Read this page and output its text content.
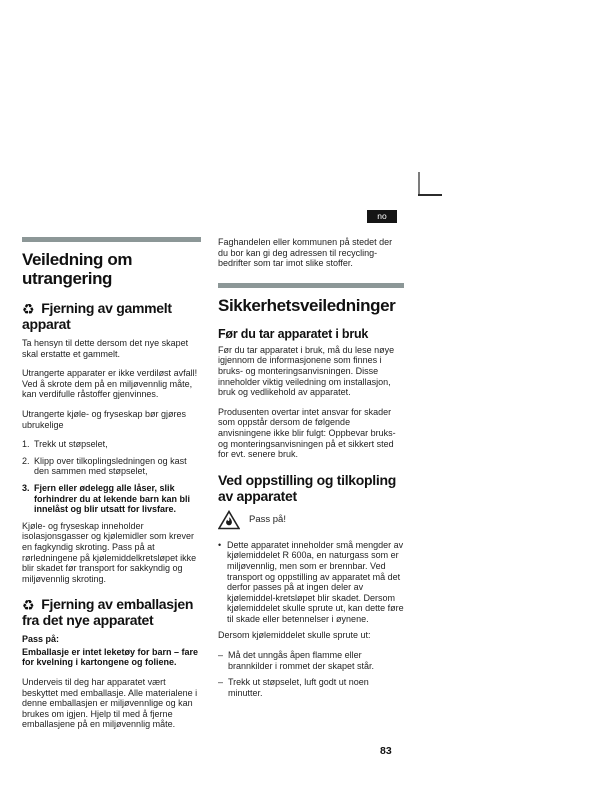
no
Veiledning om utrangering
♻ Fjerning av gammelt apparat

Ta hensyn til dette dersom det nye skapet skal erstatte et gammelt.

Utrangerte apparater er ikke verdiløst avfall! Ved å skrote dem på en miljøvennlig måte, kan verdifulle råstoffer gjenvinnes.

Utrangerte kjøle- og fryseskap bør gjøres ubrukelige

1. Trekk ut støpselet,
2. Klipp over tilkoplingsledningen og kast den sammen med støpselet,
3. Fjern eller ødelegg alle låser, slik forhindrer du at lekende barn kan bli innelåst og blir utsatt for livsfare.

Kjøle- og fryseskap inneholder isolasjonsgasser og kjølemidler som krever en fagkyndig skroting. Pass på at rørledningene på kjølemiddelkretsløpet ikke blir skadet før transport for sakkyndig og miljøvennlig skroting.

♻ Fjerning av emballasjen fra det nye apparatet

Pass på:

Emballasje er intet leketøy for barn – fare for kvelning i kartongene og foliene.

Underveis til deg har apparatet vært beskyttet med emballasje. Alle materialene i denne emballasjen er miljøvennlige og kan brukes om igjen. Hjelp til med å fjerne emballasjene på en miljøvennlig måte.

Faghandelen eller kommunen på stedet der du bor kan gi deg adressen til recycling-bedrifter som tar imot slike stoffer.

Sikkerhetsveiledninger
Før du tar apparatet i bruk

Før du tar apparatet i bruk, må du lese nøye igjennom de informasjonene som finnes i bruks- og monteringsanvisningen. Disse inneholder viktig veiledning om installasjon, bruk og vedlikehold av apparatet.

Produsenten overtar intet ansvar for skader som oppstår dersom de følgende anvisningene ikke blir fulgt: Oppbevar bruks- og monteringsanvisningen på et sikkert sted for evt. senere bruk.

Ved oppstilling og tilkopling av apparatet
Pass på!
• Dette apparatet inneholder små mengder av kjølemiddelet R 600a, en naturgass som er miljøvennlig, men som er brennbar. Ved transport og oppstilling av apparatet må det derfor passes på at ingen deler av kjølemiddel-kretsløpet blir skadet. Dersom kjølemiddelet skulle sprute ut, kan dette føre til skade eller betennelser i øynene.

Dersom kjølemiddelet skulle sprute ut:

– Må det unngås åpen flamme eller brannkilder i rommet der skapet står.
– Trekk ut støpselet, luft godt ut noen minutter.
83
